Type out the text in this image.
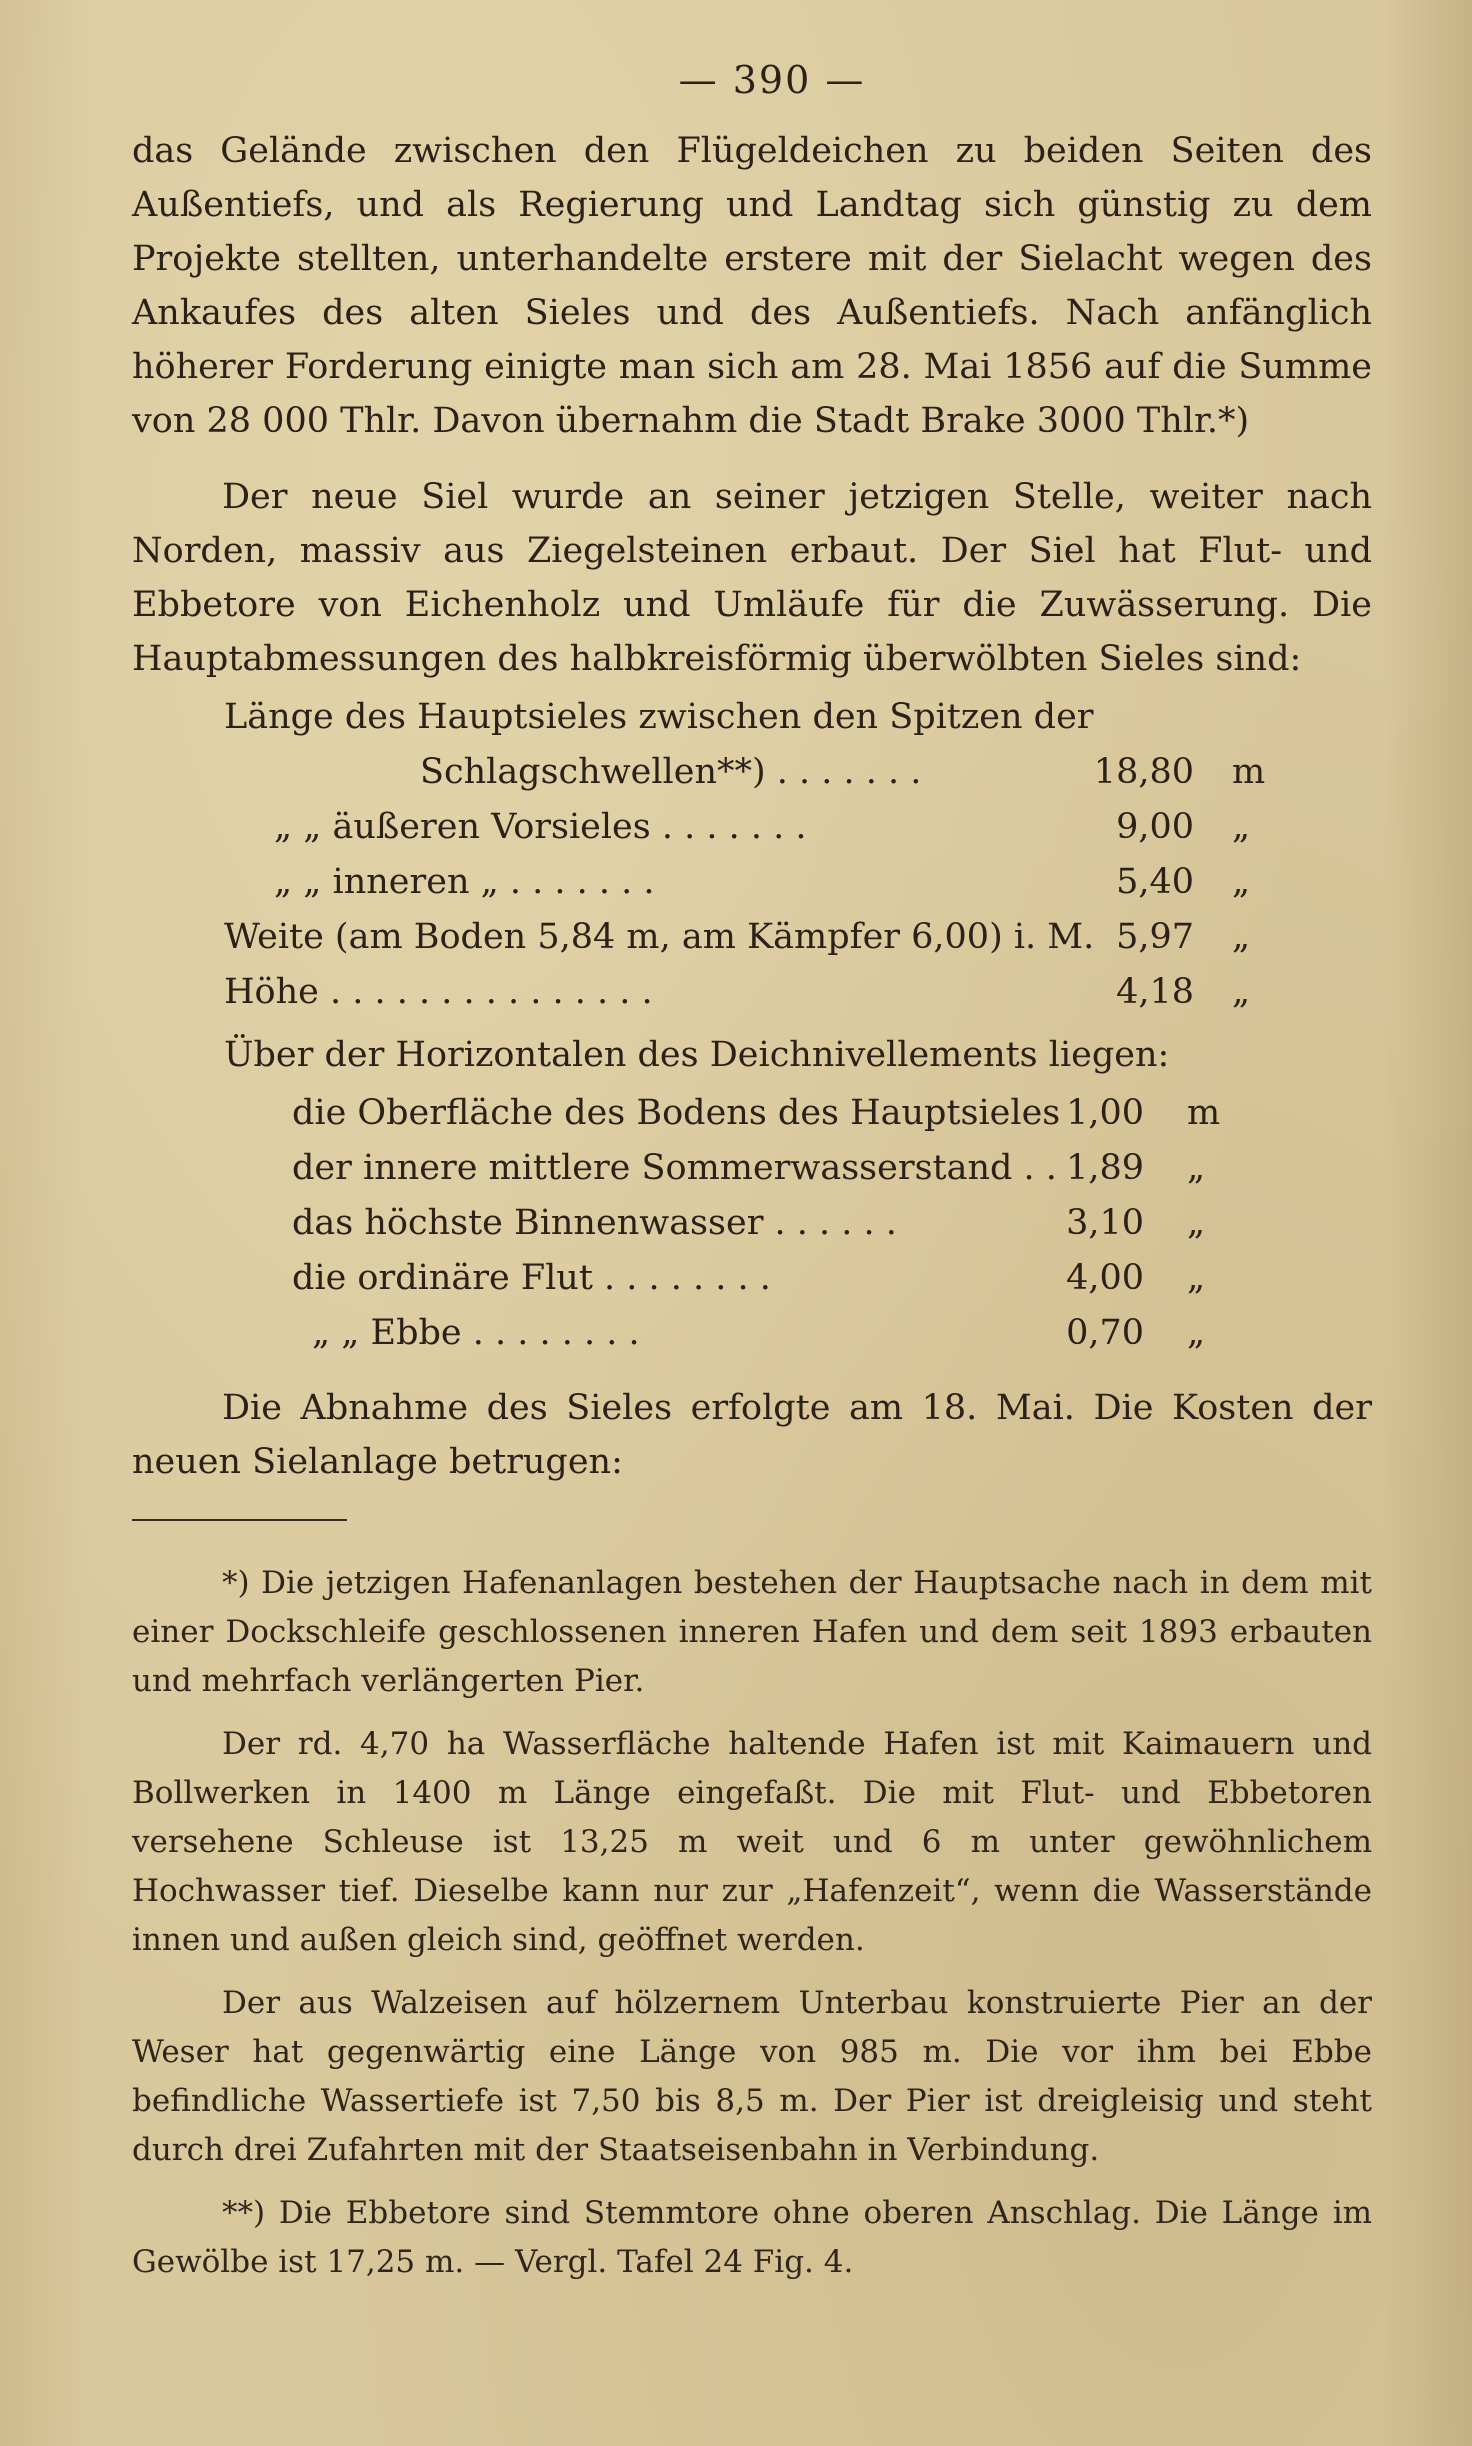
— 390 —

das Gelände zwischen den Flügeldeichen zu beiden Seiten des Außentiefs, und als Regierung und Landtag sich günstig zu dem Projekte stellten, unterhandelte erstere mit der Sielacht wegen des Ankaufes des alten Sieles und des Außentiefs. Nach anfänglich höherer Forderung einigte man sich am 28. Mai 1856 auf die Summe von 28 000 Thlr. Davon übernahm die Stadt Brake 3000 Thlr.*)

Der neue Siel wurde an seiner jetzigen Stelle, weiter nach Norden, massiv aus Ziegelsteinen erbaut. Der Siel hat Flut- und Ebbetore von Eichenholz und Umläufe für die Zuwässerung. Die Hauptabmessungen des halbkreisförmig überwölbten Sieles sind:

Länge des Hauptsieles zwischen den Spitzen der
Schlagschwellen**) . . . . . . .	18,80 m
„ „ äußeren Vorsieles . . . . . . .	9,00 „
„ „ inneren „ . . . . . . .	5,40 „
Weite (am Boden 5,84 m, am Kämpfer 6,00) i. M. 5,97 „
Höhe . . . . . . . . . . . . . . .	4,18 „

Über der Horizontalen des Deichnivellements liegen:

die Oberfläche des Bodens des Hauptsieles 1,00 m
der innere mittlere Sommerwasserstand . . 1,89 „
das höchste Binnenwasser . . . . . .	3,10 „
die ordinäre Flut . . . . . . . .	4,00 „
„ „ Ebbe . . . . . . . .	0,70 „

Die Abnahme des Sieles erfolgte am 18. Mai. Die Kosten der neuen Sielanlage betrugen:

*) Die jetzigen Hafenanlagen bestehen der Hauptsache nach in dem mit einer Dockschleife geschlossenen inneren Hafen und dem seit 1893 erbauten und mehrfach verlängerten Pier.

Der rd. 4,70 ha Wasserfläche haltende Hafen ist mit Kaimauern und Bollwerken in 1400 m Länge eingefaßt. Die mit Flut- und Ebbetoren versehene Schleuse ist 13,25 m weit und 6 m unter gewöhnlichem Hochwasser tief. Dieselbe kann nur zur „Hafenzeit“, wenn die Wasserstände innen und außen gleich sind, geöffnet werden.

Der aus Walzeisen auf hölzernem Unterbau konstruierte Pier an der Weser hat gegenwärtig eine Länge von 985 m. Die vor ihm bei Ebbe befindliche Wassertiefe ist 7,50 bis 8,5 m. Der Pier ist dreigleisig und steht durch drei Zufahrten mit der Staatseisenbahn in Verbindung.

**) Die Ebbetore sind Stemmtore ohne oberen Anschlag. Die Länge im Gewölbe ist 17,25 m. — Vergl. Tafel 24 Fig. 4.
